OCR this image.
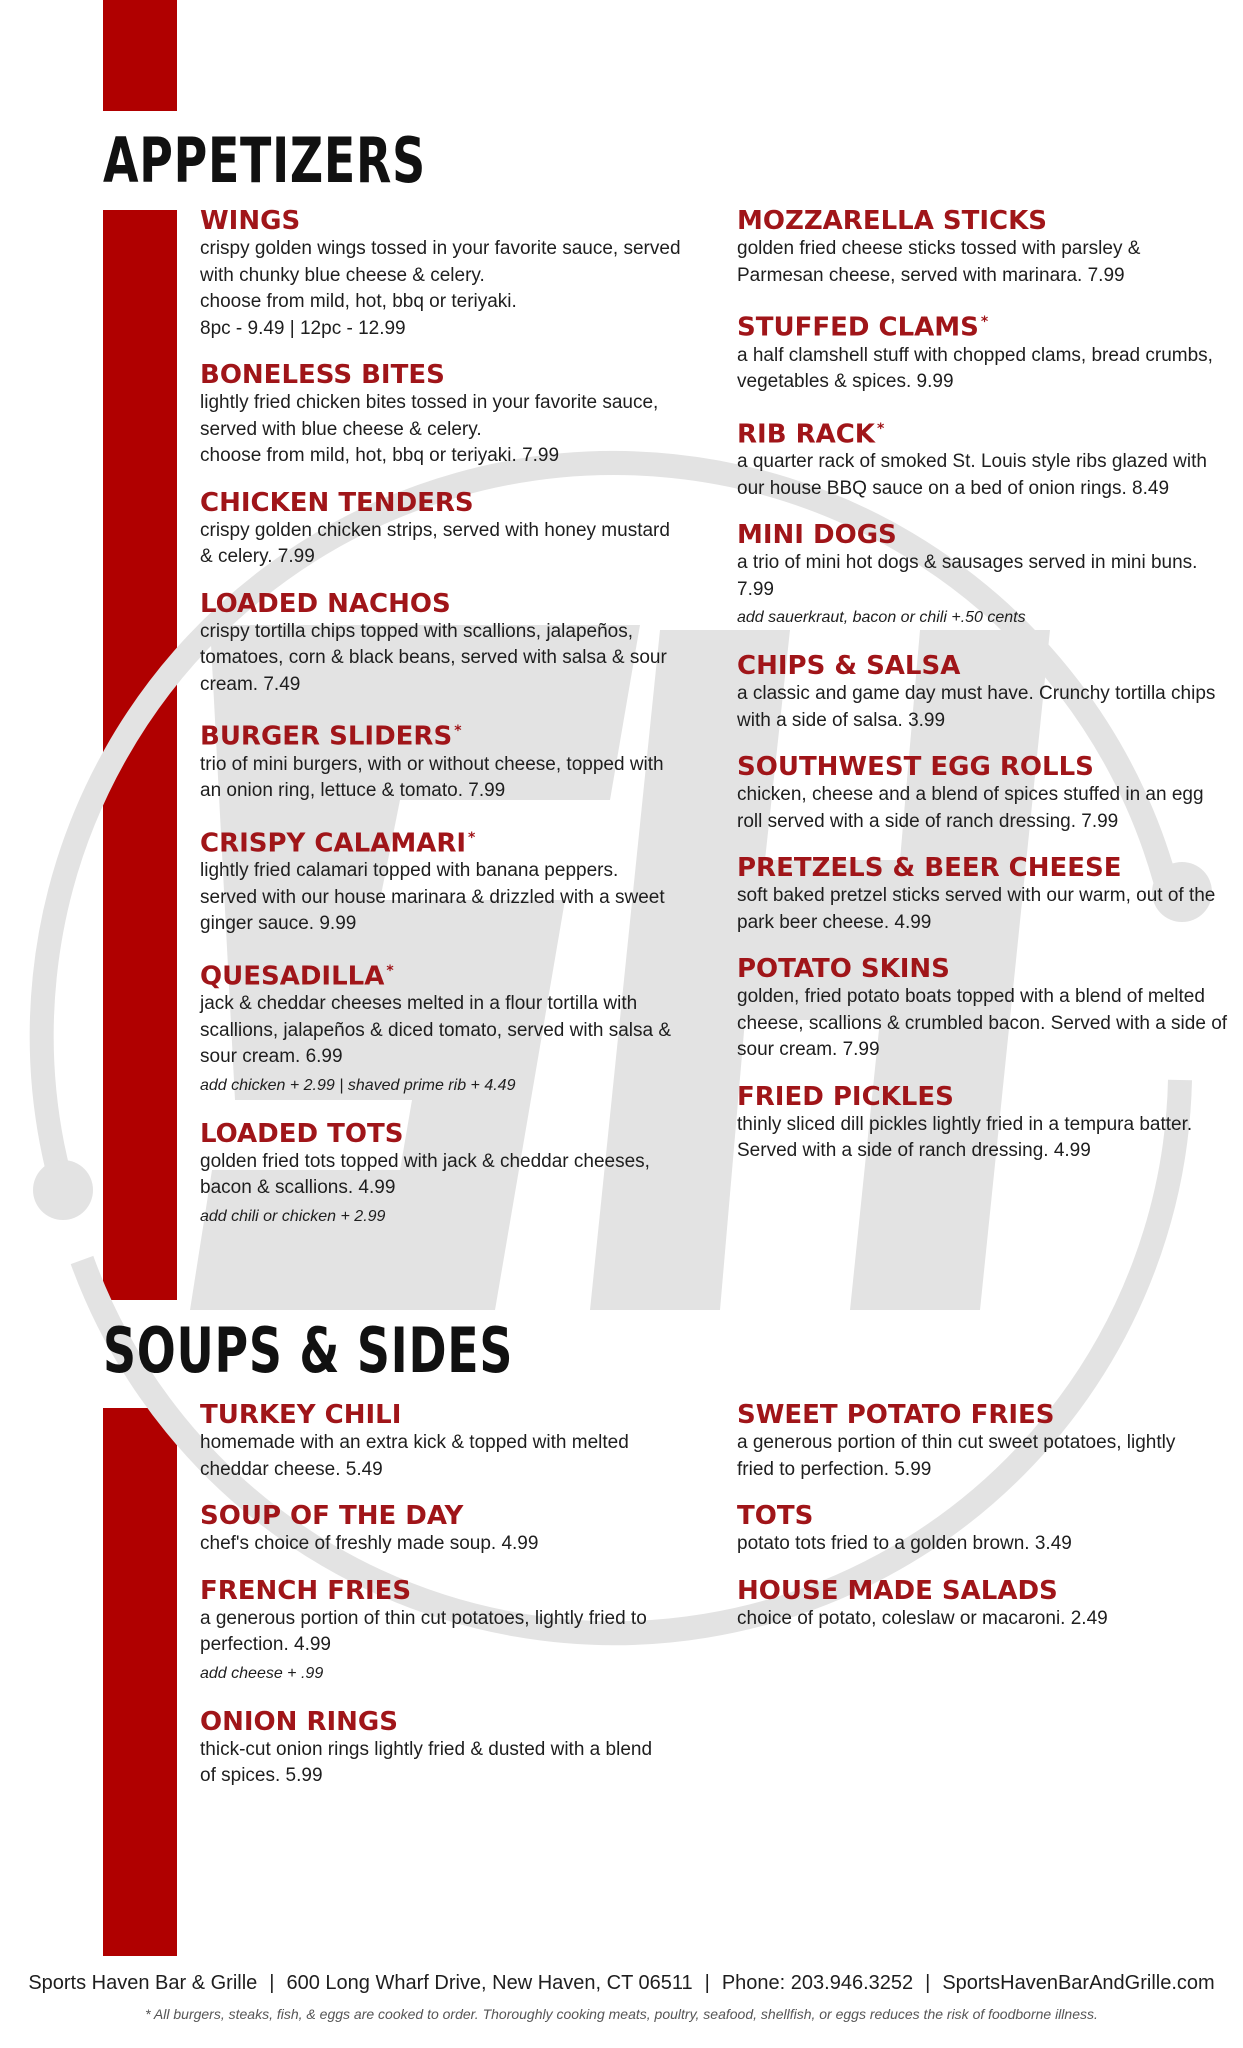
APPETIZERS
WINGS
crispy golden wings tossed in your favorite sauce, served
with chunky blue cheese & celery.
choose from mild, hot, bbq or teriyaki.
8pc - 9.49 | 12pc - 12.99
BONELESS BITES
lightly fried chicken bites tossed in your favorite sauce,
served with blue cheese & celery.
choose from mild, hot, bbq or teriyaki. 7.99
CHICKEN TENDERS
crispy golden chicken strips, served with honey mustard
& celery. 7.99
LOADED NACHOS
crispy tortilla chips topped with scallions, jalapeños,
tomatoes, corn & black beans, served with salsa & sour
cream. 7.49
BURGER SLIDERS *
trio of mini burgers, with or without cheese, topped with
an onion ring, lettuce & tomato. 7.99
CRISPY CALAMARI *
lightly fried calamari topped with banana peppers.
served with our house marinara & drizzled with a sweet
ginger sauce. 9.99
QUESADILLA *
jack & cheddar cheeses melted in a flour tortilla with
scallions, jalapeños & diced tomato, served with salsa &
sour cream. 6.99
add chicken + 2.99 | shaved prime rib + 4.49
LOADED TOTS
golden fried tots topped with jack & cheddar cheeses,
bacon & scallions. 4.99
add chili or chicken + 2.99
MOZZARELLA STICKS
golden fried cheese sticks tossed with parsley &
Parmesan cheese, served with marinara. 7.99
STUFFED CLAMS *
a half clamshell stuff with chopped clams, bread crumbs,
vegetables & spices. 9.99
RIB RACK *
a quarter rack of smoked St. Louis style ribs glazed with
our house BBQ sauce on a bed of onion rings. 8.49
MINI DOGS
a trio of mini hot dogs & sausages served in mini buns.
7.99
add sauerkraut, bacon or chili +.50 cents
CHIPS & SALSA
a classic and game day must have. Crunchy tortilla chips
with a side of salsa. 3.99
SOUTHWEST EGG ROLLS
chicken, cheese and a blend of spices stuffed in an egg
roll served with a side of ranch dressing. 7.99
PRETZELS & BEER CHEESE
soft baked pretzel sticks served with our warm, out of the
park beer cheese. 4.99
POTATO SKINS
golden, fried potato boats topped with a blend of melted
cheese, scallions & crumbled bacon. Served with a side of
sour cream. 7.99
FRIED PICKLES
thinly sliced dill pickles lightly fried in a tempura batter.
Served with a side of ranch dressing. 4.99
SOUPS & SIDES
TURKEY CHILI
homemade with an extra kick & topped with melted
cheddar cheese. 5.49
SOUP OF THE DAY
chef's choice of freshly made soup. 4.99
FRENCH FRIES
a generous portion of thin cut potatoes, lightly fried to
perfection. 4.99
add cheese + .99
ONION RINGS
thick-cut onion rings lightly fried & dusted with a blend
of spices. 5.99
SWEET POTATO FRIES
a generous portion of thin cut sweet potatoes, lightly
fried to perfection. 5.99
TOTS
potato tots fried to a golden brown. 3.49
HOUSE MADE SALADS
choice of potato, coleslaw or macaroni. 2.49
Sports Haven Bar & Grille | 600 Long Wharf Drive, New Haven, CT 06511 | Phone: 203.946.3252 | SportsHavenBarAndGrille.com
* All burgers, steaks, fish, & eggs are cooked to order. Thoroughly cooking meats, poultry, seafood, shellfish, or eggs reduces the risk of foodborne illness.
